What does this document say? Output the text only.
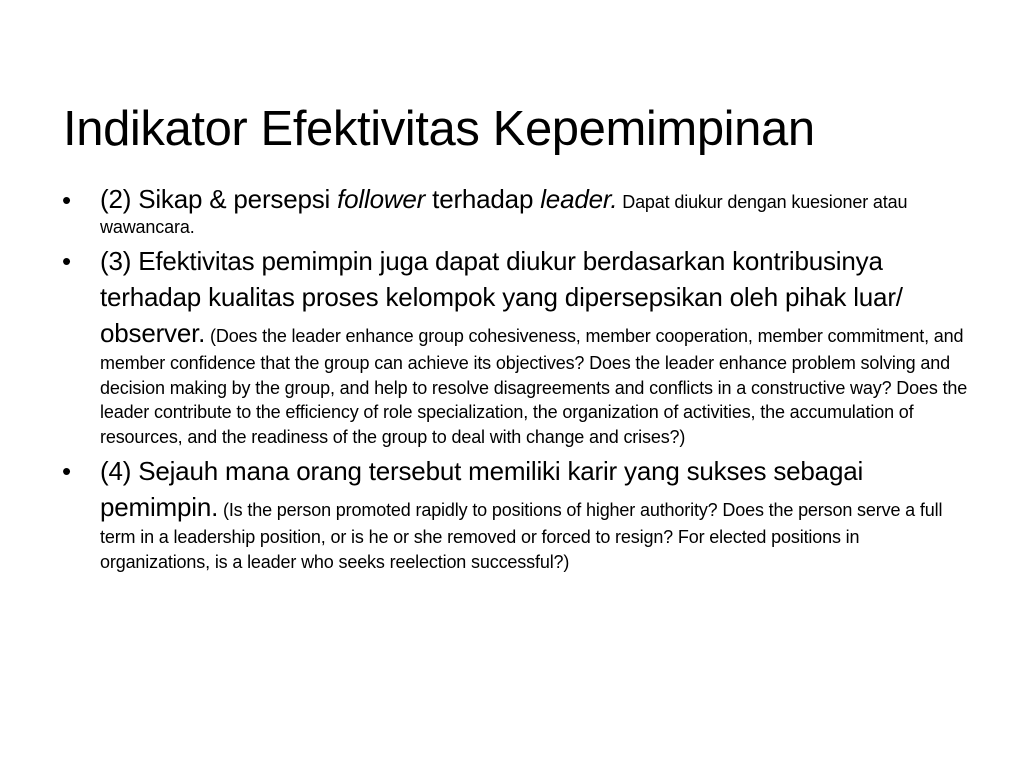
Indikator Efektivitas Kepemimpinan
• (2) Sikap & persepsi follower terhadap leader. Dapat diukur dengan kuesioner atau wawancara.
• (3) Efektivitas pemimpin juga dapat diukur berdasarkan kontribusinya terhadap kualitas proses kelompok yang dipersepsikan oleh pihak luar/ observer. (Does the leader enhance group cohesiveness, member cooperation, member commitment, and member confidence that the group can achieve its objectives? Does the leader enhance problem solving and decision making by the group, and help to resolve disagreements and conflicts in a constructive way? Does the leader contribute to the efficiency of role specialization, the organization of activities, the accumulation of resources, and the readiness of the group to deal with change and crises?)
• (4) Sejauh mana orang tersebut memiliki karir yang sukses sebagai pemimpin. (Is the person promoted rapidly to positions of higher authority? Does the person serve a full term in a leadership position, or is he or she removed or forced to resign? For elected positions in organizations, is a leader who seeks reelection successful?)
